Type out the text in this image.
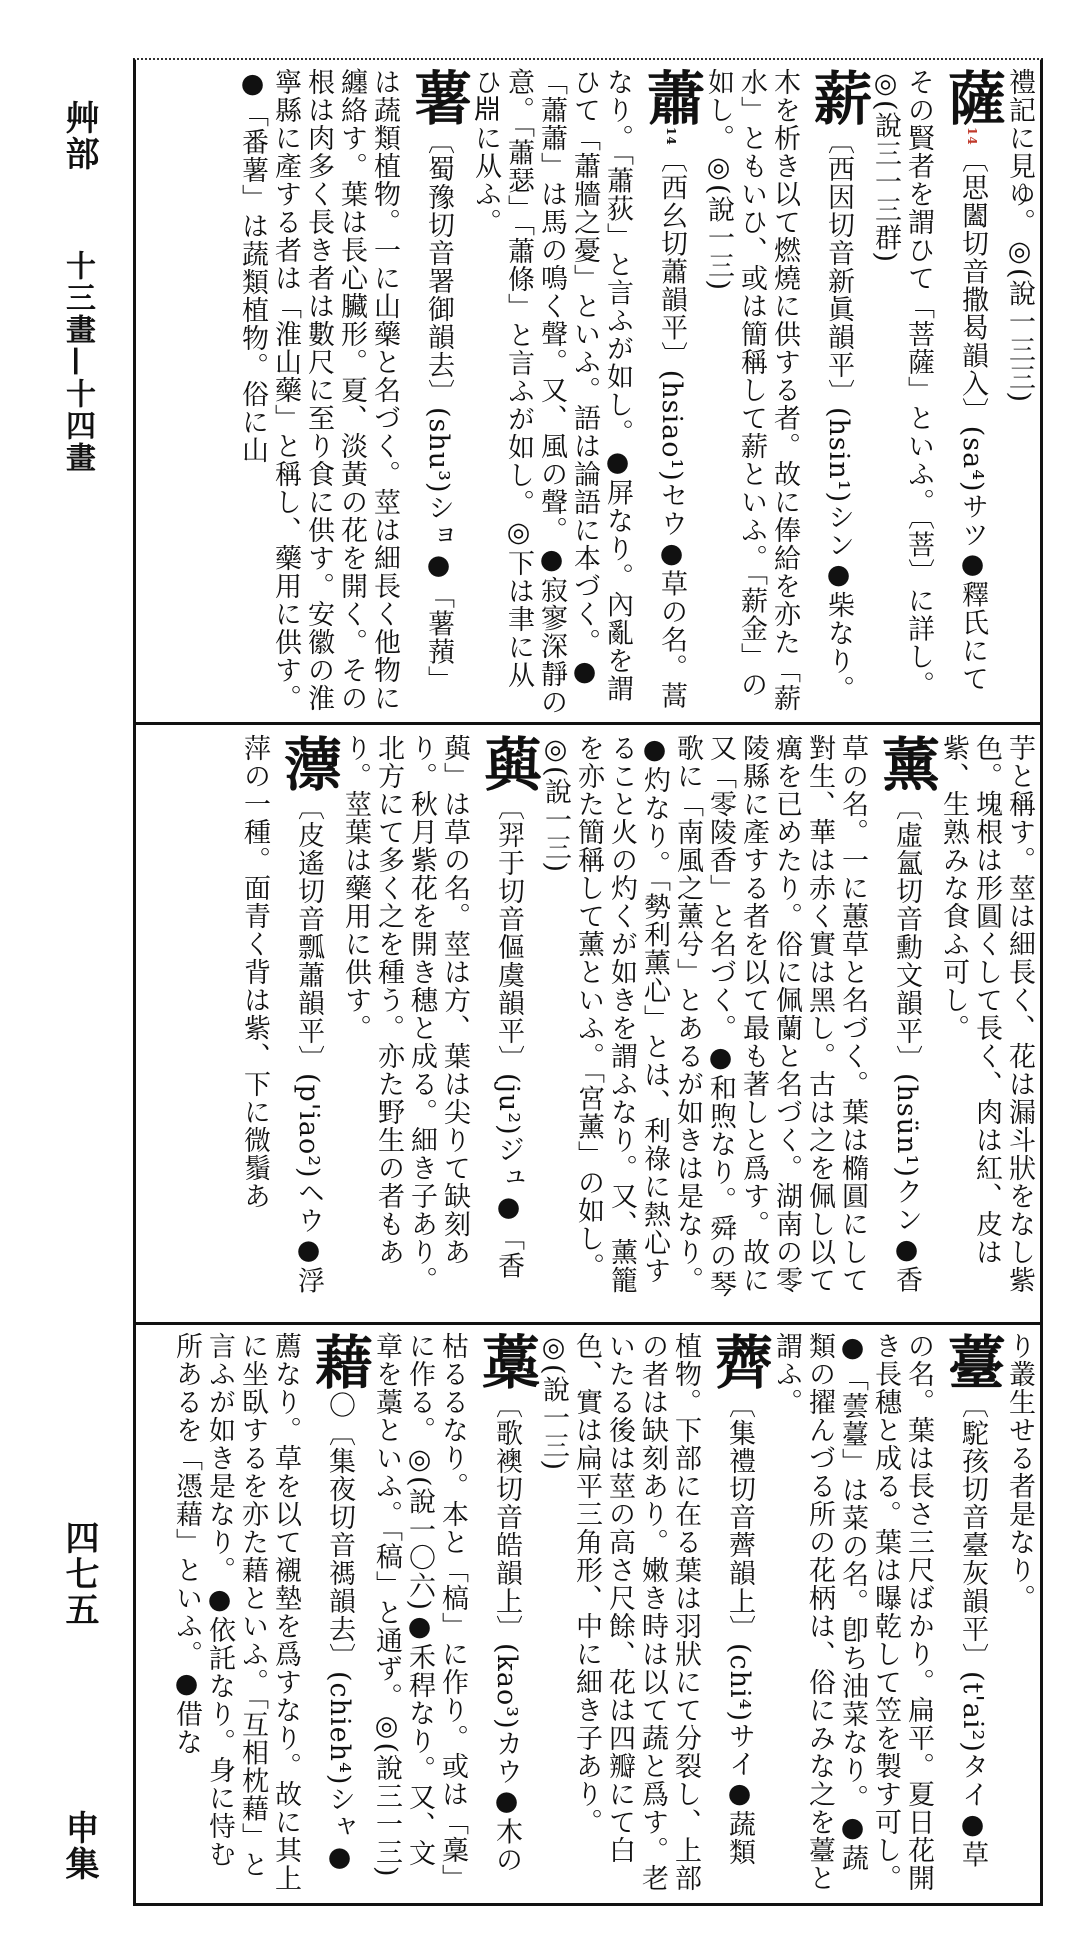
艸部
十三畫—十四畫
四七五
申集
禮記に見ゆ。◎(說一三三)
薩14〔思闔切音撒曷韻入〕(sa⁴)サツ●釋氏にてその賢者を謂ひて「菩薩」といふ。〔菩〕に詳し。◎(說三一三群)
薪〔西因切音新眞韻平〕(hsin¹)シン●柴なり。木を析き以て燃燒に供する者。故に俸給を亦た「薪水」ともいひ、或は簡稱して薪といふ。「薪金」の如し。◎(說一三)
蕭14〔西幺切蕭韻平〕(hsiao¹)セウ●草の名。蒿なり。「蕭荻」と言ふが如し。●屏なり。內亂を謂ひて「蕭牆之憂」といふ。語は論語に本づく。●「蕭蕭」は馬の鳴く聲。又、風の聲。●寂寥深靜の意。「蕭瑟」「蕭條」と言ふが如し。◎下は聿に从ひ𣶒に从ふ。
薯〔蜀豫切音署御韻去〕(shu³)ショ●「薯蕷」は蔬類植物。一に山藥と名づく。莖は細長く他物に纏絡す。葉は長心臟形。夏、淡黃の花を開く。その根は肉多く長き者は數尺に至り食に供す。安徽の淮寧縣に產する者は「淮山藥」と稱し、藥用に供す。●「番薯」は蔬類植物。俗に山
芋と稱す。莖は細長く、花は漏斗狀をなし紫色。塊根は形圓くして長く、肉は紅、皮は紫、生熟みな食ふ可し。
薰〔虛氳切音勳文韻平〕(hsün¹)クン●香草の名。一に蕙草と名づく。葉は橢圓にして對生、華は赤く實は黑し。古は之を佩し以て癘を已めたり。俗に佩蘭と名づく。湖南の零陵縣に產する者を以て最も著しと爲す。故に又「零陵香」と名づく。●和煦なり。舜の琴歌に「南風之薰兮」とあるが如きは是なり。●灼なり。「勢利薰心」とは、利祿に熱心すること火の灼くが如きを謂ふなり。又、薰籠を亦た簡稱して薰といふ。「宮薰」の如し。◎(說一三)
藇〔羿于切音傴虞韻平〕(ju²)ジュ●「香藇」は草の名。莖は方、葉は尖りて缺刻あり。秋月紫花を開き穗と成る。細き子あり。北方にて多く之を種う。亦た野生の者もあり。莖葉は藥用に供す。
薸〔皮遙切音瓢蕭韻平〕(p'iao²)ヘウ●浮萍の一種。面青く背は紫、下に微鬚あ
り叢生せる者是なり。
薹〔駝孩切音臺灰韻平〕(t'ai²)タイ●草の名。葉は長さ三尺ばかり。扁平。夏日花開き長穗と成る。葉は曝乾して笠を製す可し。●「蕓薹」は菜の名。卽ち油菜なり。●蔬類の擢んづる所の花柄は、俗にみな之を薹と謂ふ。
薺〔集禮切音薺韻上〕(chi⁴)サイ●蔬類植物。下部に在る葉は羽狀にて分裂し、上部の者は缺刻あり。嫩き時は以て蔬と爲す。老いたる後は莖の高さ尺餘、花は四瓣にて白色、實は扁平三角形、中に細き子あり。◎(說一三)
藁〔歌襖切音皓韻上〕(kao³)カウ●木の枯るるなり。本と「槁」に作り。或は「稾」に作る。◎(說一〇六)●禾稈なり。又、文章を藁といふ。「稿」と通ず。◎(說三一三)
藉〇〔集夜切音禡韻去〕(chieh⁴)シャ●薦なり。草を以て襯墊を爲すなり。故に其上に坐臥するを亦た藉といふ。「互相枕藉」と言ふが如き是なり。●依託なり。身に恃む所あるを「憑藉」といふ。●借な
